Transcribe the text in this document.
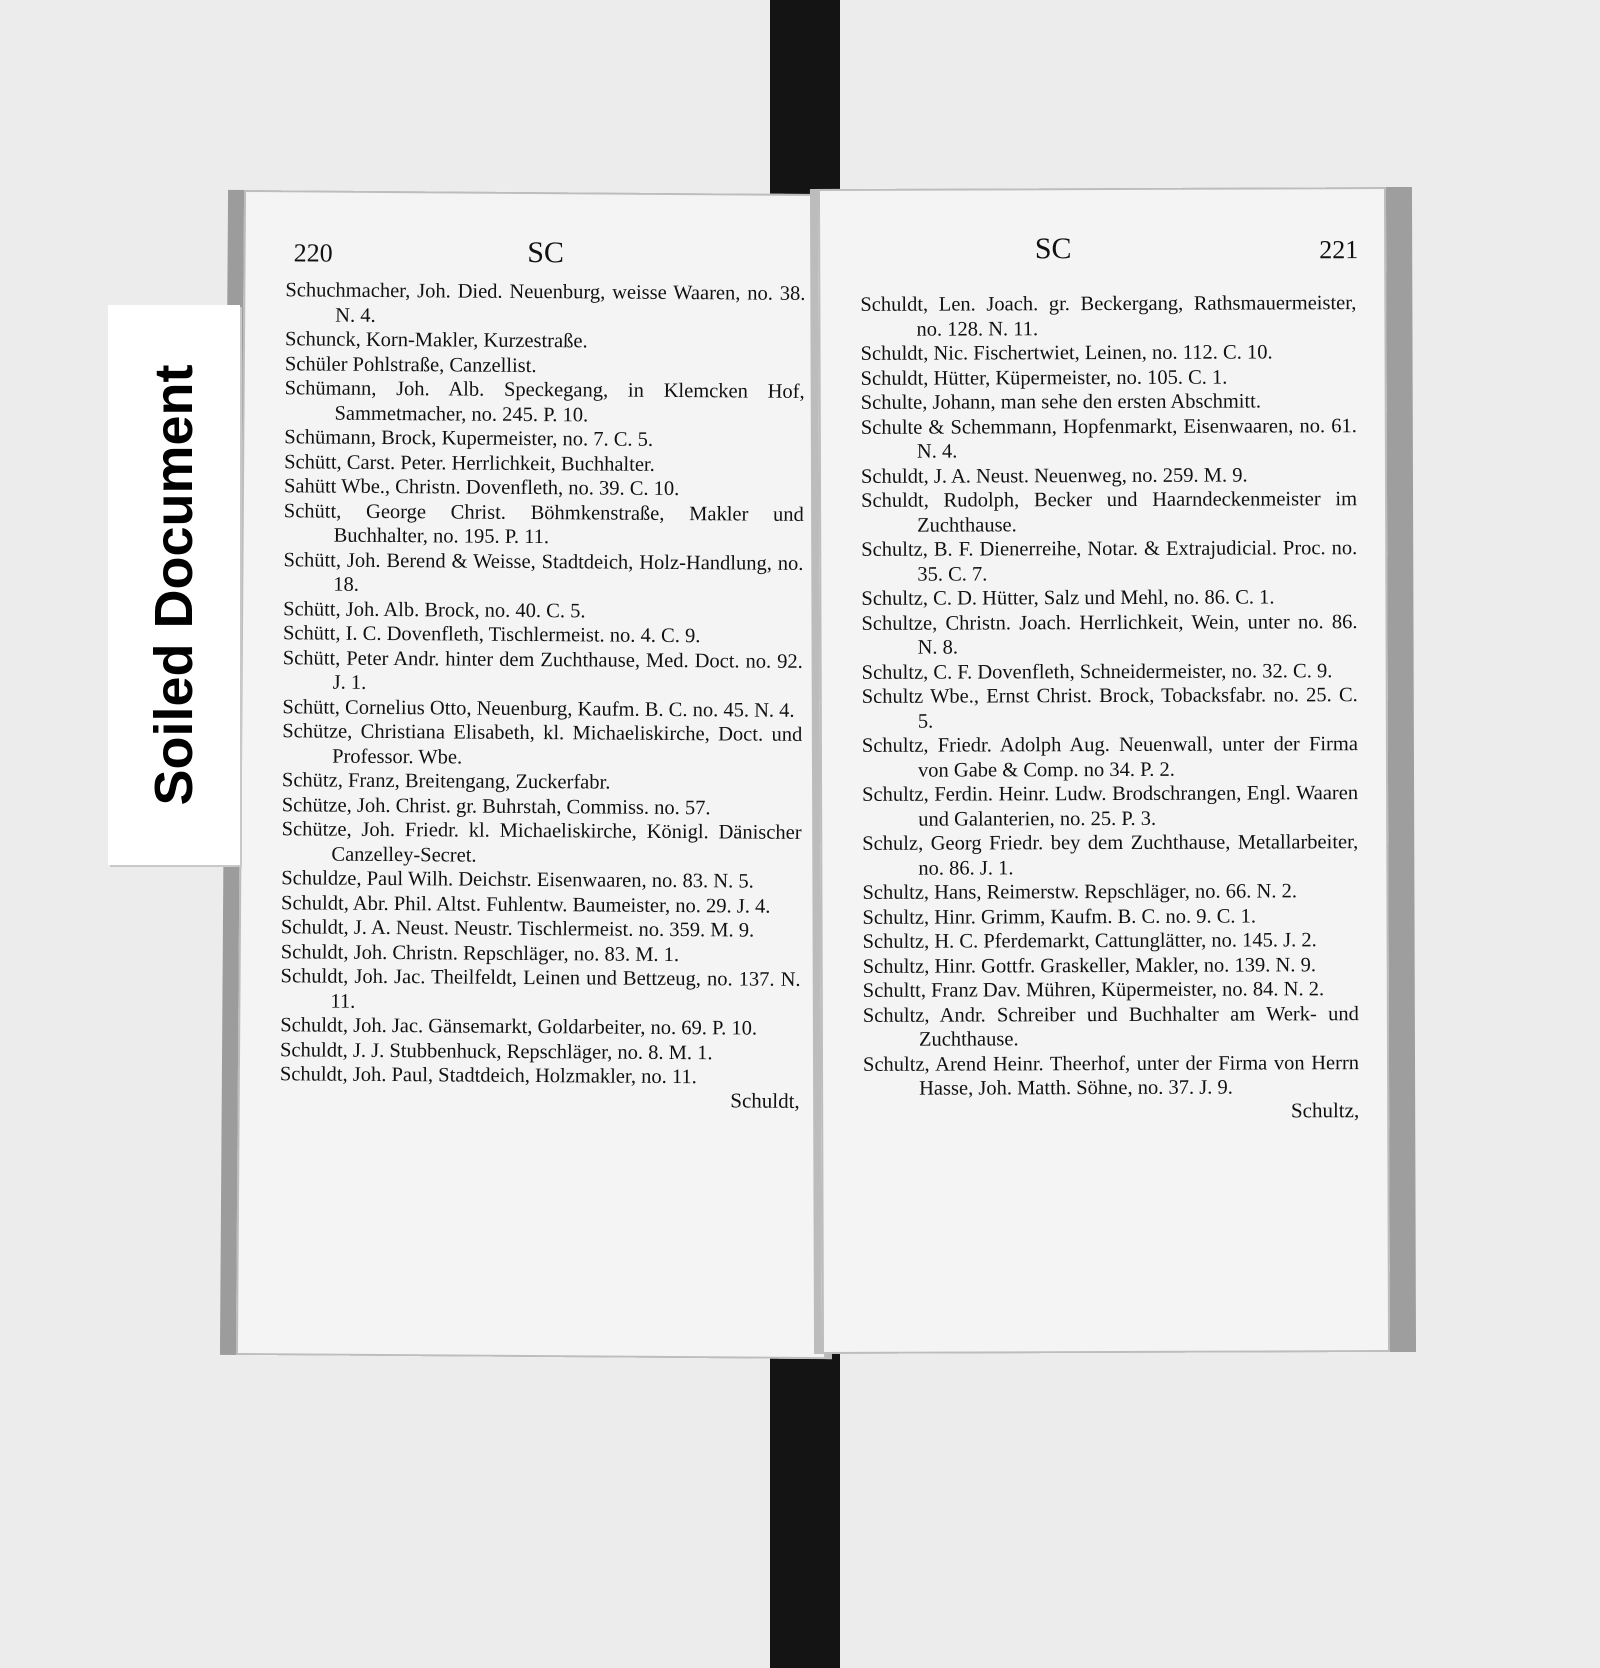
220	SC

Schuchmacher, Joh. Died. Neuenburg, weisse Waaren, no. 38. N. 4.

Schunck, Korn-Makler, Kurzestraße.

Schüler Pohlstraße, Canzellist.

Schümann, Joh. Alb. Speckegang, in Klemcken Hof, Sammetmacher, no. 245. P. 10.

Schümann, Brock, Kupermeister, no. 7. C. 5.

Schütt, Carst. Peter. Herrlichkeit, Buchhalter.

Sahütt Wbe., Christn. Dovenfleth, no. 39. C. 10.

Schütt, George Christ. Böhmkenstraße, Makler und Buchhalter, no. 195. P. 11.

Schütt, Joh. Berend & Weisse, Stadtdeich, Holz-Handlung, no. 18.

Schütt, Joh. Alb. Brock, no. 40. C. 5.

Schütt, I. C. Dovenfleth, Tischlermeist. no. 4. C. 9.

Schütt, Peter Andr. hinter dem Zuchthause, Med. Doct. no. 92. J. 1.

Schütt, Cornelius Otto, Neuenburg, Kaufm. B. C. no. 45. N. 4.

Schütze, Christiana Elisabeth, kl. Michaeliskirche, Doct. und Professor. Wbe.

Schütz, Franz, Breitengang, Zuckerfabr.

Schütze, Joh. Christ. gr. Buhrstah, Commiss. no. 57.

Schütze, Joh. Friedr. kl. Michaeliskirche, Königl. Dänischer Canzelley-Secret.

Schuldze, Paul Wilh. Deichstr. Eisenwaaren, no. 83. N. 5.

Schuldt, Abr. Phil. Altst. Fuhlentw. Baumeister, no. 29. J. 4.

Schuldt, J. A. Neust. Neustr. Tischlermeist. no. 359. M. 9.

Schuldt, Joh. Christn. Repschläger, no. 83. M. 1.

Schuldt, Joh. Jac. Theilfeldt, Leinen und Bettzeug, no. 137. N. 11.

Schuldt, Joh. Jac. Gänsemarkt, Goldarbeiter, no. 69. P. 10.

Schuldt, J. J. Stubbenhuck, Repschläger, no. 8. M. 1.

Schuldt, Joh. Paul, Stadtdeich, Holzmakler, no. 11.

Schuldt,
SC	221

Schuldt, Len. Joach. gr. Beckergang, Rathsmauermeister, no. 128. N. 11.

Schuldt, Nic. Fischertwiet, Leinen, no. 112. C. 10.

Schuldt, Hütter, Küpermeister, no. 105. C. 1.

Schulte, Johann, man sehe den ersten Abschmitt.

Schulte & Schemmann, Hopfenmarkt, Eisenwaaren, no. 61. N. 4.

Schuldt, J. A. Neust. Neuenweg, no. 259. M. 9.

Schuldt, Rudolph, Becker und Haarndeckenmeister im Zuchthause.

Schultz, B. F. Dienerreihe, Notar. & Extrajudicial. Proc. no. 35. C. 7.

Schultz, C. D. Hütter, Salz und Mehl, no. 86. C. 1.

Schultze, Christn. Joach. Herrlichkeit, Wein, unter no. 86. N. 8.

Schultz, C. F. Dovenfleth, Schneidermeister, no. 32. C. 9.

Schultz Wbe., Ernst Christ. Brock, Tobacksfabr. no. 25. C. 5.

Schultz, Friedr. Adolph Aug. Neuenwall, unter der Firma von Gabe & Comp. no 34. P. 2.

Schultz, Ferdin. Heinr. Ludw. Brodschrangen, Engl. Waaren und Galanterien, no. 25. P. 3.

Schulz, Georg Friedr. bey dem Zuchthause, Metallarbeiter, no. 86. J. 1.

Schultz, Hans, Reimerstw. Repschläger, no. 66. N. 2.

Schultz, Hinr. Grimm, Kaufm. B. C. no. 9. C. 1.

Schultz, H. C. Pferdemarkt, Cattunglätter, no. 145. J. 2.

Schultz, Hinr. Gottfr. Graskeller, Makler, no. 139. N. 9.

Schultt, Franz Dav. Mühren, Küpermeister, no. 84. N. 2.

Schultz, Andr. Schreiber und Buchhalter am Werk- und Zuchthause.

Schultz, Arend Heinr. Theerhof, unter der Firma von Herrn Hasse, Joh. Matth. Söhne, no. 37. J. 9.

Schultz,
Soiled Document
